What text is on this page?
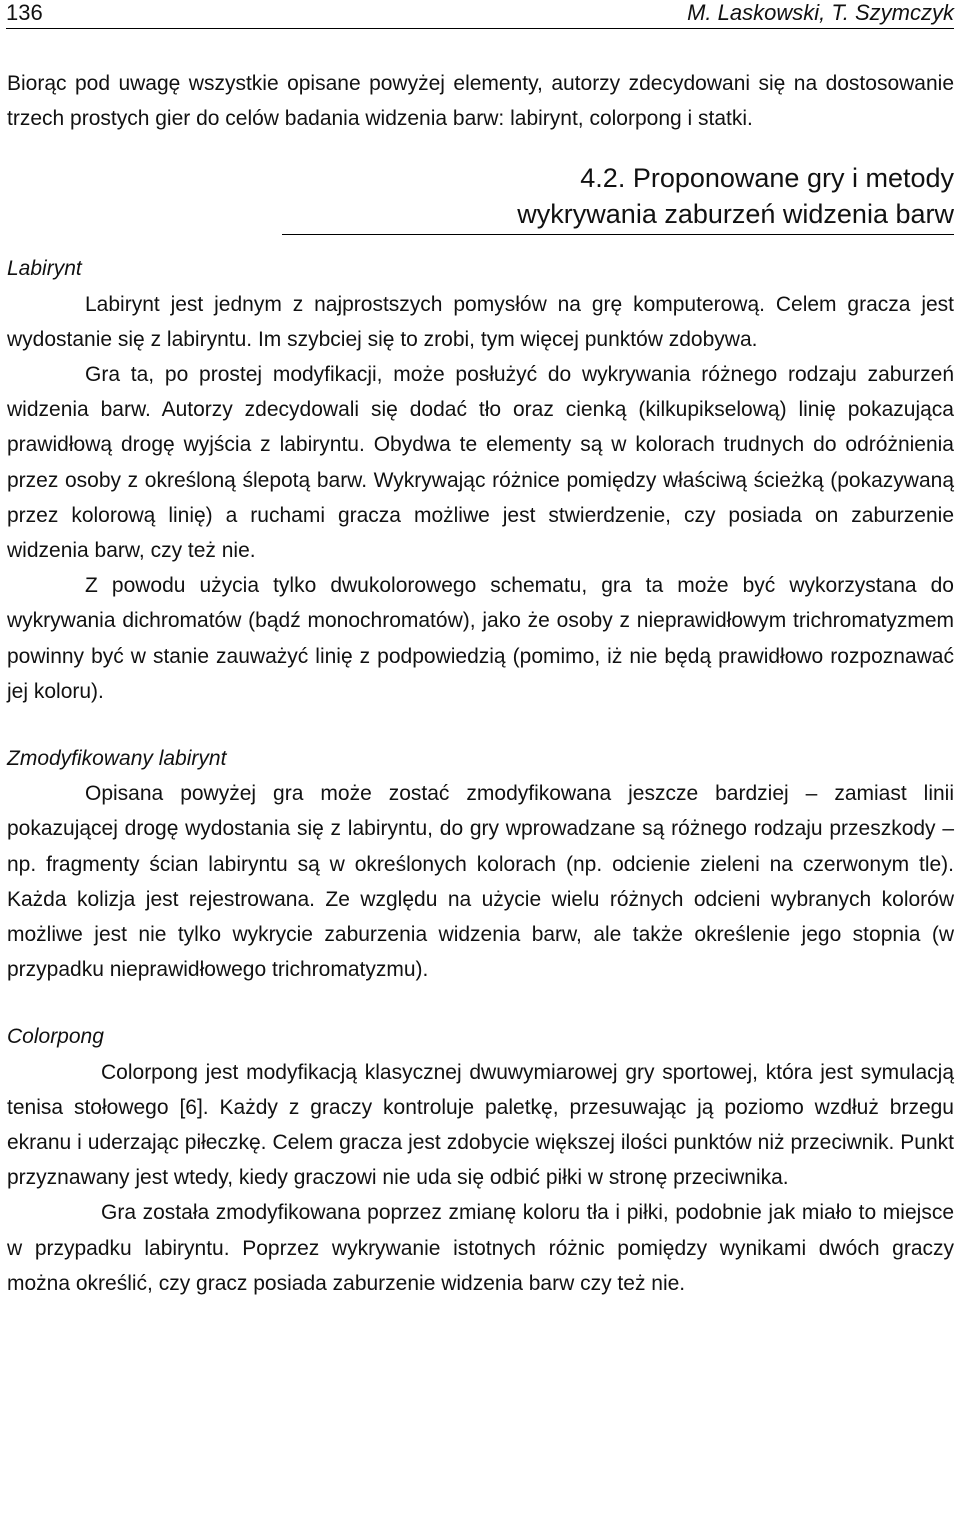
136	M. Laskowski, T. Szymczyk

Biorąc pod uwagę wszystkie opisane powyżej elementy, autorzy zdecydowani się na dostosowanie trzech prostych gier do celów badania widzenia barw: labirynt, colorpong i statki.

4.2. Proponowane gry i metody
wykrywania zaburzeń widzenia barw
Labirynt

Labirynt jest jednym z najprostszych pomysłów na grę komputerową. Celem gracza jest wydostanie się z labiryntu. Im szybciej się to zrobi, tym więcej punktów zdobywa.

Gra ta, po prostej modyfikacji, może posłużyć do wykrywania różnego rodzaju zaburzeń widzenia barw. Autorzy zdecydowali się dodać tło oraz cienką (kilkupikselową) linię pokazująca prawidłową drogę wyjścia z labiryntu. Obydwa te elementy są w kolorach trudnych do odróżnienia przez osoby z określoną ślepotą barw. Wykrywając różnice pomiędzy właściwą ścieżką (pokazywaną przez kolorową linię) a ruchami gracza możliwe jest stwierdzenie, czy posiada on zaburzenie widzenia barw, czy też nie.

Z powodu użycia tylko dwukolorowego schematu, gra ta może być wykorzystana do wykrywania dichromatów (bądź monochromatów), jako że osoby z nieprawidłowym trichromatyzmem powinny być w stanie zauważyć linię z podpowiedzią (pomimo, iż nie będą prawidłowo rozpoznawać jej koloru).

Zmodyfikowany labirynt

Opisana powyżej gra może zostać zmodyfikowana jeszcze bardziej – zamiast linii pokazującej drogę wydostania się z labiryntu, do gry wprowadzane są różnego rodzaju przeszkody – np. fragmenty ścian labiryntu są w określonych kolorach (np. odcienie zieleni na czerwonym tle). Każda kolizja jest rejestrowana. Ze względu na użycie wielu różnych odcieni wybranych kolorów możliwe jest nie tylko wykrycie zaburzenia widzenia barw, ale także określenie jego stopnia (w przypadku nieprawidłowego trichromatyzmu).

Colorpong

Colorpong jest modyfikacją klasycznej dwuwymiarowej gry sportowej, która jest symulacją tenisa stołowego [6]. Każdy z graczy kontroluje paletkę, przesuwając ją poziomo wzdłuż brzegu ekranu i uderzając piłeczkę. Celem gracza jest zdobycie większej ilości punktów niż przeciwnik. Punkt przyznawany jest wtedy, kiedy graczowi nie uda się odbić piłki w stronę przeciwnika.

Gra została zmodyfikowana poprzez zmianę koloru tła i piłki, podobnie jak miało to miejsce w przypadku labiryntu. Poprzez wykrywanie istotnych różnic pomiędzy wynikami dwóch graczy można określić, czy gracz posiada zaburzenie widzenia barw czy też nie.
